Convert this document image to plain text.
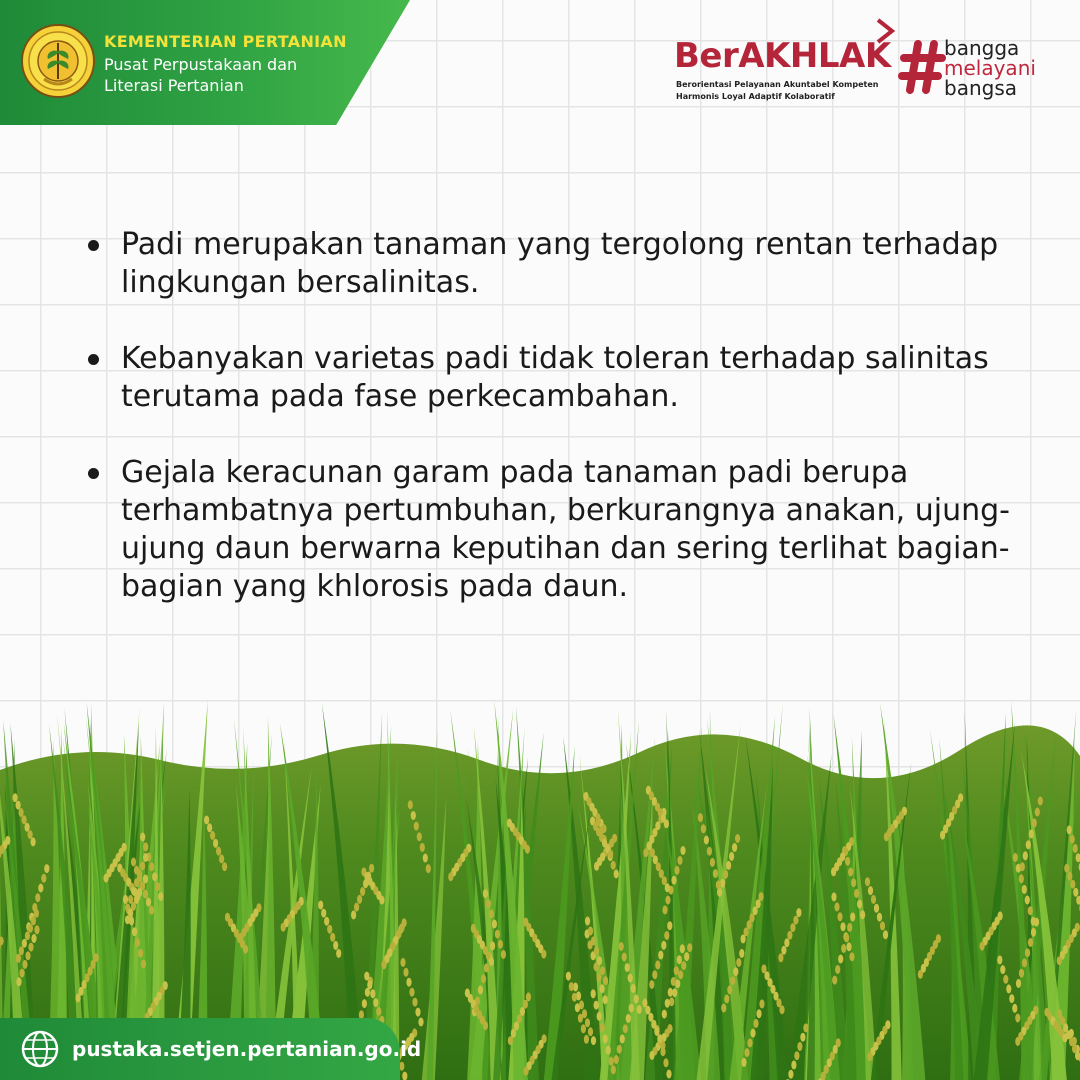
KEMENTERIAN PERTANIAN
Pusat Perpustakaan dan
Literasi Pertanian
BerAKHLAK
Berorientasi Pelayanan Akuntabel Kompeten
Harmonis Loyal Adaptif Kolaboratif
bangga
melayani
bangsa
Padi merupakan tanaman yang tergolong rentan terhadap lingkungan bersalinitas.
Kebanyakan varietas padi tidak toleran terhadap salinitas terutama pada fase perkecambahan.
Gejala keracunan garam pada tanaman padi berupa terhambatnya pertumbuhan, berkurangnya anakan, ujung-ujung daun berwarna keputihan dan sering terlihat bagian-bagian yang khlorosis pada daun.
pustaka.setjen.pertanian.go.id
